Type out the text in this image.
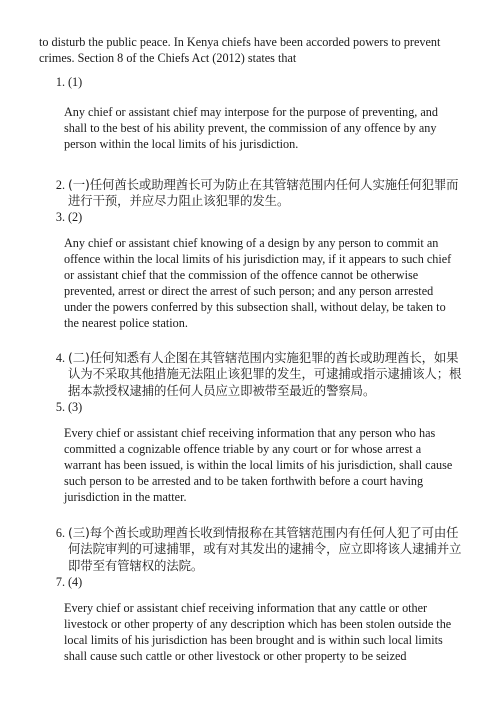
to disturb the public peace. In Kenya chiefs have been accorded powers to prevent crimes. Section 8 of the Chiefs Act (2012) states that

1. (1)

Any chief or assistant chief may interpose for the purpose of preventing, and shall to the best of his ability prevent, the commission of any offence by any person within the local limits of his jurisdiction.

2. (一)任何酋长或助理酋长可为防止在其管辖范围内任何人实施任何犯罪而进行干预，并应尽力阻止该犯罪的发生。
3. (2)

Any chief or assistant chief knowing of a design by any person to commit an offence within the local limits of his jurisdiction may, if it appears to such chief or assistant chief that the commission of the offence cannot be otherwise prevented, arrest or direct the arrest of such person; and any person arrested under the powers conferred by this subsection shall, without delay, be taken to the nearest police station.

4. (二)任何知悉有人企图在其管辖范围内实施犯罪的酋长或助理酋长，如果认为不采取其他措施无法阻止该犯罪的发生，可逮捕或指示逮捕该人；根据本款授权逮捕的任何人员应立即被带至最近的警察局。
5. (3)

Every chief or assistant chief receiving information that any person who has committed a cognizable offence triable by any court or for whose arrest a warrant has been issued, is within the local limits of his jurisdiction, shall cause such person to be arrested and to be taken forthwith before a court having jurisdiction in the matter.

6. (三)每个酋长或助理酋长收到情报称在其管辖范围内有任何人犯了可由任何法院审判的可逮捕罪，或有对其发出的逮捕令，应立即将该人逮捕并立即带至有管辖权的法院。
7. (4)

Every chief or assistant chief receiving information that any cattle or other livestock or other property of any description which has been stolen outside the local limits of his jurisdiction has been brought and is within such local limits shall cause such cattle or other livestock or other property to be seized
